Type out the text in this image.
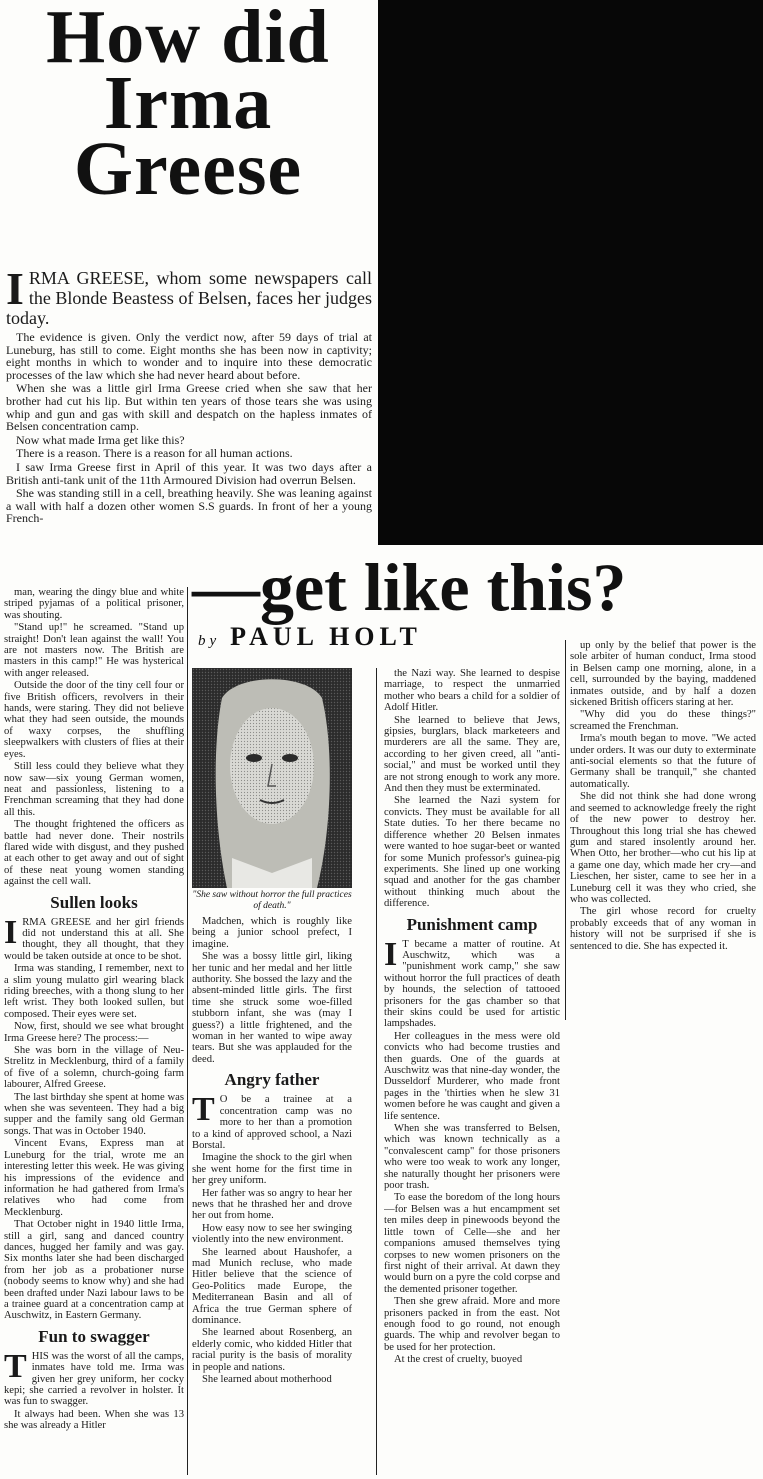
How did
Irma
Greese

IRMA GREESE, whom some newspapers call the Blonde Beastess of Belsen, faces her judges today.

The evidence is given. Only the verdict now, after 59 days of trial at Luneburg, has still to come. Eight months she has been now in captivity; eight months in which to wonder and to inquire into these democratic processes of the law which she had never heard about before.

When she was a little girl Irma Greese cried when she saw that her brother had cut his lip. But within ten years of those tears she was using whip and gun and gas with skill and despatch on the hapless inmates of Belsen concentration camp.

Now what made Irma get like this?

There is a reason. There is a reason for all human actions.

I saw Irma Greese first in April of this year. It was two days after a British anti-tank unit of the 11th Armoured Division had overrun Belsen.

She was standing still in a cell, breathing heavily. She was leaning against a wall with half a dozen other women S.S guards. In front of her a young French-

—get like this?
by PAUL HOLT

man, wearing the dingy blue and white striped pyjamas of a political prisoner, was shouting.

"Stand up!" he screamed. "Stand up straight! Don't lean against the wall! You are not masters now. The British are masters in this camp!" He was hysterical with anger released.

Outside the door of the tiny cell four or five British officers, revolvers in their hands, were staring. They did not believe what they had seen outside, the mounds of waxy corpses, the shuffling sleepwalkers with clusters of flies at their eyes.

Still less could they believe what they now saw—six young German women, neat and passionless, listening to a Frenchman screaming that they had done all this.

The thought frightened the officers as battle had never done. Their nostrils flared wide with disgust, and they pushed at each other to get away and out of sight of these neat young women standing against the cell wall.

Sullen looks

IRMA GREESE and her girl friends did not understand this at all. She thought, they all thought, that they would be taken outside at once to be shot.

Irma was standing, I remember, next to a slim young mulatto girl wearing black riding breeches, with a thong slung to her left wrist. They both looked sullen, but composed. Their eyes were set.

Now, first, should we see what brought Irma Greese here? The process:—

She was born in the village of Neu-Strelitz in Mecklenburg, third of a family of five of a solemn, church-going farm labourer, Alfred Greese.

The last birthday she spent at home was when she was seventeen. They had a big supper and the family sang old German songs. That was in October 1940.

Vincent Evans, Express man at Luneburg for the trial, wrote me an interesting letter this week. He was giving his impressions of the evidence and information he had gathered from Irma's relatives who had come from Mecklenburg.

That October night in 1940 little Irma, still a girl, sang and danced country dances, hugged her family and was gay. Six months later she had been discharged from her job as a probationer nurse (nobody seems to know why) and she had been drafted under Nazi labour laws to be a trainee guard at a concentration camp at Auschwitz, in Eastern Germany.

Fun to swagger

THIS was the worst of all the camps, inmates have told me. Irma was given her grey uniform, her cocky kepi; she carried a revolver in holster. It was fun to swagger.

It always had been. When she was 13 she was already a Hitler

"She saw without horror the full practices of death."

Madchen, which is roughly like being a junior school prefect, I imagine.

She was a bossy little girl, liking her tunic and her medal and her little authority. She bossed the lazy and the absent-minded little girls. The first time she struck some woe-filled stubborn infant, she was (may I guess?) a little frightened, and the woman in her wanted to wipe away tears. But she was applauded for the deed.

Angry father

T O be a trainee at a concentration camp was no more to her than a promotion to a kind of approved school, a Nazi Borstal.

Imagine the shock to the girl when she went home for the first time in her grey uniform.

Her father was so angry to hear her news that he thrashed her and drove her out from home.

How easy now to see her swinging violently into the new environment.

She learned about Haushofer, a mad Munich recluse, who made Hitler believe that the science of Geo-Politics made Europe, the Mediterranean Basin and all of Africa the true German sphere of dominance.

She learned about Rosenberg, an elderly comic, who kidded Hitler that racial purity is the basis of morality in people and nations.

She learned about motherhood

the Nazi way. She learned to despise marriage, to respect the unmarried mother who bears a child for a soldier of Adolf Hitler.

She learned to believe that Jews, gipsies, burglars, black marketeers and murderers are all the same. They are, according to her given creed, all "anti-social," and must be worked until they are not strong enough to work any more. And then they must be exterminated.

She learned the Nazi system for convicts. They must be available for all State duties. To her there became no difference whether 20 Belsen inmates were wanted to hoe sugar-beet or wanted for some Munich professor's guinea-pig experiments. She lined up one working squad and another for the gas chamber without thinking much about the difference.

Punishment camp

I T became a matter of routine. At Auschwitz, which was a "punishment work camp," she saw without horror the full practices of death by hounds, the selection of tattooed prisoners for the gas chamber so that their skins could be used for artistic lampshades.

Her colleagues in the mess were old convicts who had become trusties and then guards. One of the guards at Auschwitz was that nine-day wonder, the Dusseldorf Murderer, who made front pages in the 'thirties when he slew 31 women before he was caught and given a life sentence.

When she was transferred to Belsen, which was known technically as a "convalescent camp" for those prisoners who were too weak to work any longer, she naturally thought her prisoners were poor trash.

To ease the boredom of the long hours—for Belsen was a hut encampment set ten miles deep in pinewoods beyond the little town of Celle—she and her companions amused themselves tying corpses to new women prisoners on the first night of their arrival. At dawn they would burn on a pyre the cold corpse and the demented prisoner together.

Then she grew afraid. More and more prisoners packed in from the east. Not enough food to go round, not enough guards. The whip and revolver began to be used for her protection.

At the crest of cruelty, buoyed

up only by the belief that power is the sole arbiter of human conduct, Irma stood in Belsen camp one morning, alone, in a cell, surrounded by the baying, maddened inmates outside, and by half a dozen sickened British officers staring at her.

"Why did you do these things?" screamed the Frenchman.

Irma's mouth began to move. "We acted under orders. It was our duty to exterminate anti-social elements so that the future of Germany shall be tranquil," she chanted automatically.

She did not think she had done wrong and seemed to acknowledge freely the right of the new power to destroy her. Throughout this long trial she has chewed gum and stared insolently around her. When Otto, her brother—who cut his lip at a game one day, which made her cry—and Lieschen, her sister, came to see her in a Luneburg cell it was they who cried, she who was collected.

The girl whose record for cruelty probably exceeds that of any woman in history will not be surprised if she is sentenced to die. She has expected it.
